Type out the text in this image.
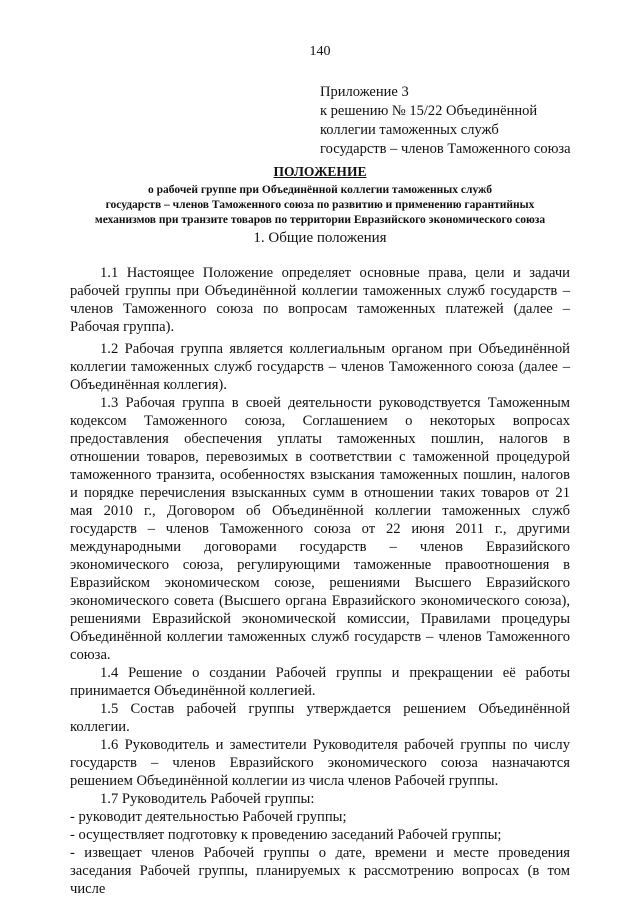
140
Приложение 3
к решению № 15/22 Объединённой
коллегии таможенных служб
государств – членов Таможенного союза
ПОЛОЖЕНИЕ
о рабочей группе при Объединённой коллегии таможенных служб
государств – членов Таможенного союза по развитию и применению гарантийных
механизмов при транзите товаров по территории Евразийского экономического союза
1. Общие положения

1.1 Настоящее Положение определяет основные права, цели и задачи рабочей группы при Объединённой коллегии таможенных служб государств – членов Таможенного союза по вопросам таможенных платежей (далее – Рабочая группа).

1.2 Рабочая группа является коллегиальным органом при Объединённой коллегии таможенных служб государств – членов Таможенного союза (далее – Объединённая коллегия).

1.3 Рабочая группа в своей деятельности руководствуется Таможенным кодексом Таможенного союза, Соглашением о некоторых вопросах предоставления обеспечения уплаты таможенных пошлин, налогов в отношении товаров, перевозимых в соответствии с таможенной процедурой таможенного транзита, особенностях взыскания таможенных пошлин, налогов и порядке перечисления взысканных сумм в отношении таких товаров от 21 мая 2010 г., Договором об Объединённой коллегии таможенных служб государств – членов Таможенного союза от 22 июня 2011 г., другими международными договорами государств – членов Евразийского экономического союза, регулирующими таможенные правоотношения в Евразийском экономическом союзе, решениями Высшего Евразийского экономического совета (Высшего органа Евразийского экономического союза), решениями Евразийской экономической комиссии, Правилами процедуры Объединённой коллегии таможенных служб государств – членов Таможенного союза.

1.4 Решение о создании Рабочей группы и прекращении её работы принимается Объединённой коллегией.

1.5 Состав рабочей группы утверждается решением Объединённой коллегии.

1.6 Руководитель и заместители Руководителя рабочей группы по числу государств – членов Евразийского экономического союза назначаются решением Объединённой коллегии из числа членов Рабочей группы.

1.7 Руководитель Рабочей группы:

- руководит деятельностью Рабочей группы;

- осуществляет подготовку к проведению заседаний Рабочей группы;

- извещает членов Рабочей группы о дате, времени и месте проведения заседания Рабочей группы, планируемых к рассмотрению вопросах (в том числе
